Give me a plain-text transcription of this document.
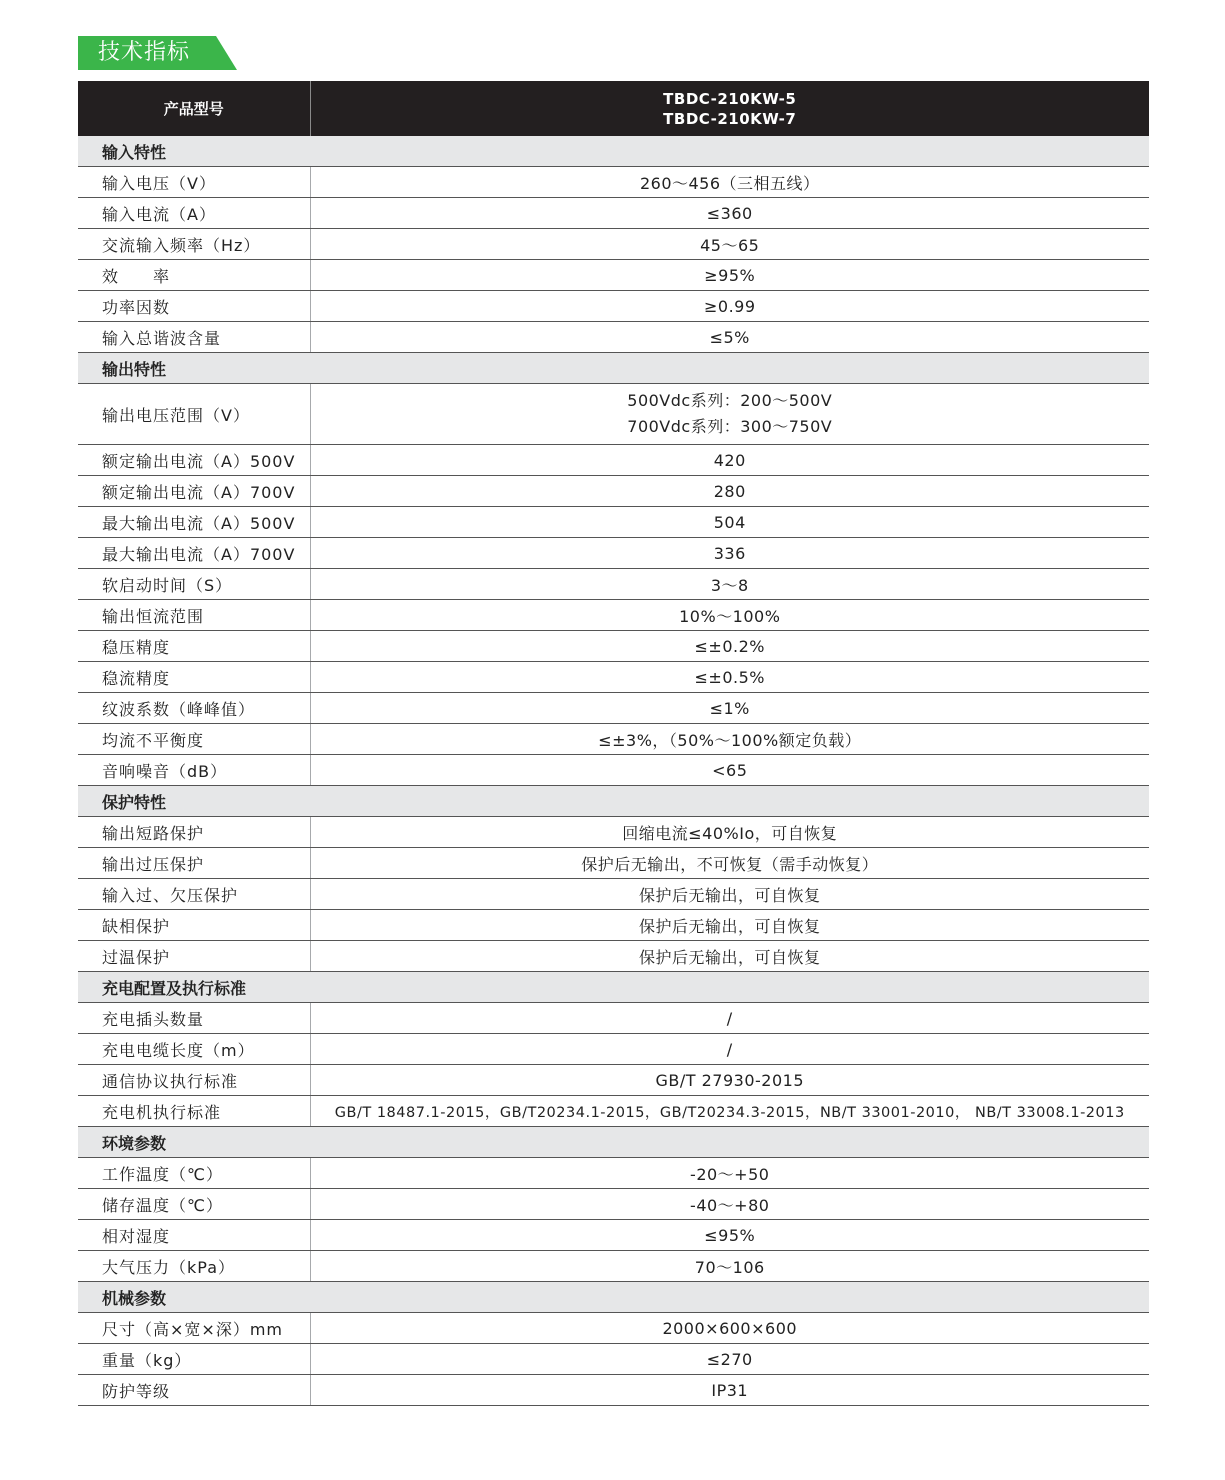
技术指标
产品型号	TBDC-210KW-5
TBDC-210KW-7

输入特性	
输入电压（V）	260～456（三相五线）

输入电流（A）	≤360

交流输入频率（Hz）	45～65

效　　率	≥95%

功率因数	≥0.99

输入总谐波含量	≤5%

输出特性	
输出电压范围（V）	500Vdc系列：200～500V
700Vdc系列：300～750V

额定输出电流（A）500V	420

额定输出电流（A）700V	280

最大输出电流（A）500V	504

最大输出电流（A）700V	336

软启动时间（S）	3～8

输出恒流范围	10%～100%

稳压精度	≤±0.2%

稳流精度	≤±0.5%

纹波系数（峰峰值）	≤1%

均流不平衡度	≤±3%，（50%～100%额定负载）

音响噪音（dB）	<65

保护特性	
输出短路保护	回缩电流≤40%Io，可自恢复

输出过压保护	保护后无输出，不可恢复（需手动恢复）

输入过、欠压保护	保护后无输出，可自恢复

缺相保护	保护后无输出，可自恢复

过温保护	保护后无输出，可自恢复

充电配置及执行标准	
充电插头数量	/

充电电缆长度（m）	/

通信协议执行标准	GB/T 27930-2015

充电机执行标准	GB/T 18487.1-2015，GB/T20234.1-2015，GB/T20234.3-2015，NB/T 33001-2010， NB/T 33008.1-2013

环境参数	
工作温度（℃）	-20～+50

储存温度（℃）	-40～+80

相对湿度	≤95%

大气压力（kPa）	70～106

机械参数	
尺寸（高×宽×深）mm	2000×600×600

重量（kg）	≤270

防护等级	IP31
